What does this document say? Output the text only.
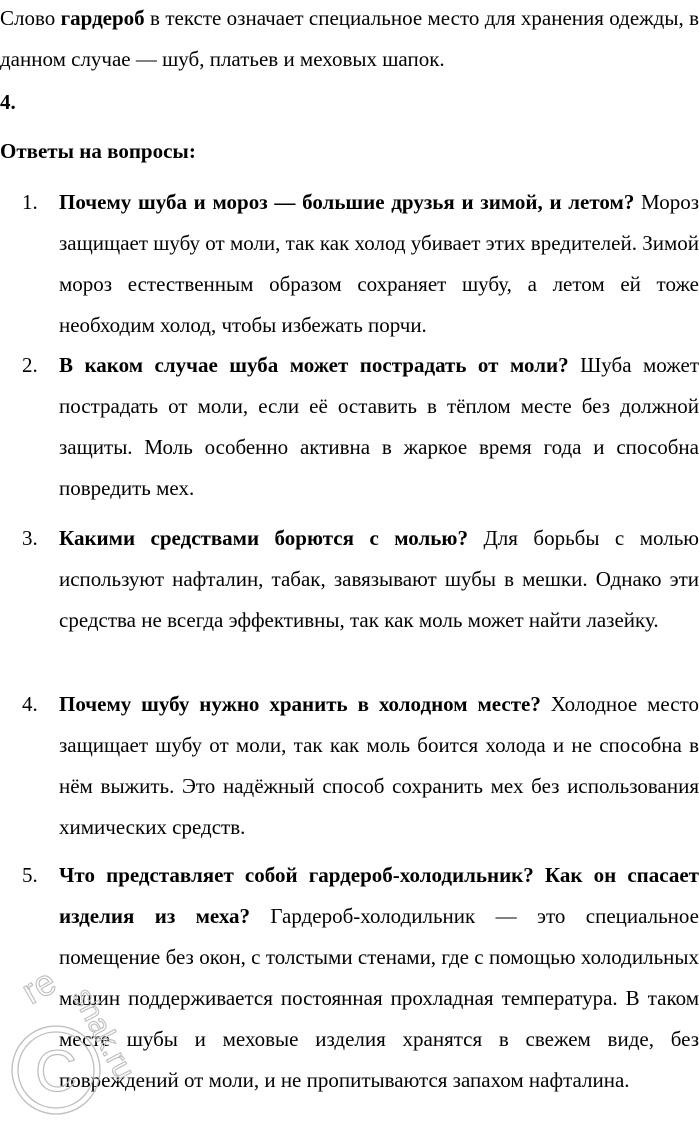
Слово гардероб в тексте означает специальное место для хранения одежды, в данном случае — шуб, платьев и меховых шапок.

4.
Ответы на вопросы:
1.	Почему шуба и мороз — большие друзья и зимой, и летом? Мороз защищает шубу от моли, так как холод убивает этих вредителей. Зимой мороз естественным образом сохраняет шубу, а летом ей тоже необходим холод, чтобы избежать порчи.

2.	В каком случае шуба может пострадать от моли? Шуба может пострадать от моли, если её оставить в тёплом месте без должной защиты. Моль особенно активна в жаркое время года и способна повредить мех.

3.	Какими средствами борются с молью? Для борьбы с молью используют нафталин, табак, завязывают шубы в мешки. Однако эти средства не всегда эффективны, так как моль может найти лазейку.

4.	Почему шубу нужно хранить в холодном месте? Холодное место защищает шубу от моли, так как моль боится холода и не способна в нём выжить. Это надёжный способ сохранить мех без использования химических средств.

5.	Что представляет собой гардероб-холодильник? Как он спасает изделия из меха? Гардероб-холодильник — это специальное помещение без окон, с толстыми стенами, где с помощью холодильных машин поддерживается постоянная прохладная температура. В таком месте шубы и меховые изделия хранятся в свежем виде, без повреждений от моли, и не пропитываются запахом нафталина.

C
re shak.ru
